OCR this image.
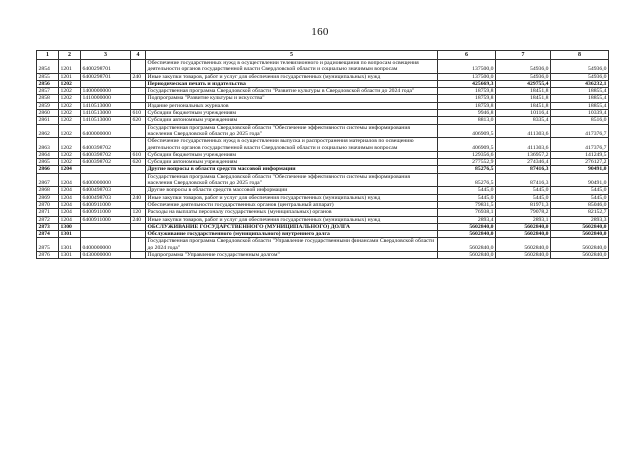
160
1	2	3	4	5	6	7	8
2854	1201	6400298701		Обеспечение государственных нужд в осуществлении телевизионного и радиовещания по вопросам освещения деятельности органов государственной власти Свердловской области и социально значимым вопросам	137500,0	54936,0	54936,0
2855	1201	6400298701	240	Иные закупки товаров, работ и услуг для обеспечения государственных (муниципальных) нужд	137500,0	54936,0	54936,0
2856	1202			Периодическая печать и издательства	425669,3	429755,4	436232,1
2857	1202	1400000000		Государственная программа Свердловской области "Развитие культуры в Свердловской области до 2024 года"	18759,8	18451,8	18855,4
2858	1202	1410000000		Подпрограмма "Развитие культуры и искусства"	18759,8	18451,8	18855,4
2859	1202	1410513000		Издание региональных журналов	18759,8	18451,8	18855,4
2860	1202	1410513000	610	Субсидии бюджетным учреждениям	9946,8	10116,4	10339,4
2861	1202	1410513000	620	Субсидии автономным учреждениям	8813,0	8335,4	8516,0
2862	1202	6400000000		Государственная программа Свердловской области "Обеспечение эффективности системы информирования населения Свердловской области до 2025 года"	406909,5	411303,6	417376,7
2863	1202	6400398702		Обеспечение государственных нужд в осуществлении выпуска и распространения материалов по освещению деятельности органов государственной власти Свердловской области и социально значимым вопросам	406909,5	411303,6	417376,7
2864	1202	6400398702	610	Субсидии бюджетным учреждениям	129356,6	136957,2	141249,5
2865	1202	6400398702	620	Субсидии автономным учреждениям	277552,9	274346,4	276127,2
2866	1204			Другие вопросы в области средств массовой информации	85276,5	87416,3	90491,0
2867	1204	6400000000		Государственная программа Свердловской области "Обеспечение эффективности системы информирования населения Свердловской области до 2025 года"	85276,5	87416,3	90491,0
2868	1204	6400498703		Другие вопросы в области средств массовой информации	5445,0	5445,0	5445,0
2869	1204	6400498703	240	Иные закупки товаров, работ и услуг для обеспечения государственных (муниципальных) нужд	5445,0	5445,0	5445,0
2870	1204	6400911000		Обеспечение деятельности государственных органов (центральный аппарат)	79831,5	81971,3	85046,0
2871	1204	6400911000	120	Расходы на выплаты персоналу государственных (муниципальных) органов	76938,1	79078,2	82152,7
2872	1204	6400911000	240	Иные закупки товаров, работ и услуг для обеспечения государственных (муниципальных) нужд	2893,4	2893,1	2893,3
2873	1300			ОБСЛУЖИВАНИЕ ГОСУДАРСТВЕННОГО (МУНИЦИПАЛЬНОГО) ДОЛГА	5602840,0	5602840,0	5602840,0
2874	1301			Обслуживание государственного (муниципального) внутреннего долга	5602840,0	5602840,0	5602840,0
2875	1301	0400000000		Государственная программа Свердловской области "Управление государственными финансами Свердловской области до 2024 года"	5602840,0	5602840,0	5602840,0
2876	1301	0430000000		Подпрограмма "Управление государственным долгом"	5602840,0	5602840,0	5602840,0
